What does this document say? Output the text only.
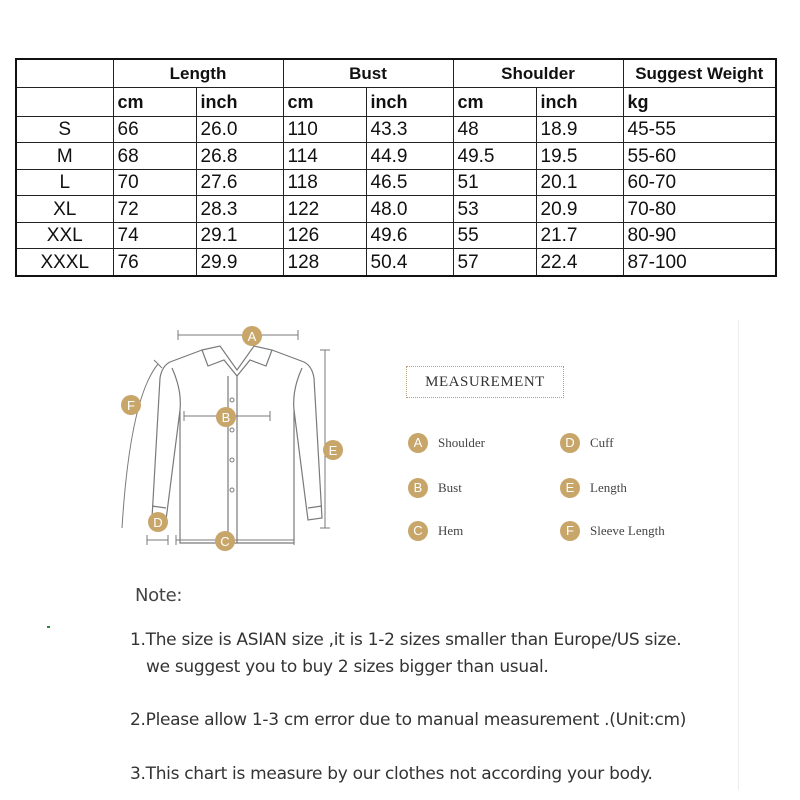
	Length		Bust		Shoulder		Suggest Weight
	cm	inch	cm	inch	cm	inch	kg
S	66	26.0	110	43.3	48	18.9	45-55
M	68	26.8	114	44.9	49.5	19.5	55-60
L	70	27.6	118	46.5	51	20.1	60-70
XL	72	28.3	122	48.0	53	20.9	70-80
XXL	74	29.1	126	49.6	55	21.7	80-90
XXXL	76	29.9	128	50.4	57	22.4	87-100
A
B
C
D
E
F
MEASUREMENT
A	Shoulder
B	Bust
C	Hem
D	Cuff
E	Length
F	Sleeve Length
Note:
1.The size is ASIAN size ,it is 1-2 sizes smaller than Europe/US size.
we suggest you to buy 2 sizes bigger than usual.
2.Please allow 1-3 cm error due to manual measurement .(Unit:cm)
3.This chart is measure by our clothes not according your body.
